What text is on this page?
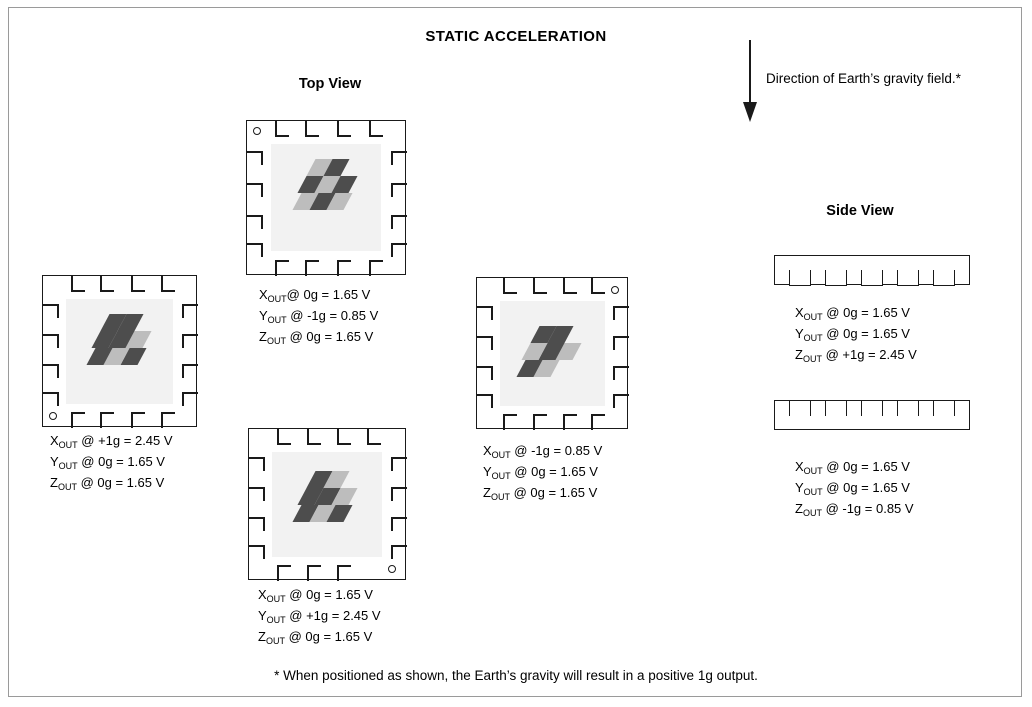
STATIC ACCELERATION
Top View
Side View
Direction of Earth’s gravity field.*
$X_{OUT}@$ 0g = 1.65 V
$Y_{OUT}$ @ -1g = 0.85 V
$Z_{OUT}$ @ 0g = 1.65 V
$X_{OUT}$ @ +1g = 2.45 V
$Y_{OUT}$ @ 0g = 1.65 V
$Z_{OUT}$ @ 0g = 1.65 V
$X_{OUT}$ @ -1g = 0.85 V
$Y_{OUT}$ @ 0g = 1.65 V
$Z_{OUT}$ @ 0g = 1.65 V
$X_{OUT}$ @ 0g = 1.65 V
$Y_{OUT}$ @ +1g = 2.45 V
$Z_{OUT}$ @ 0g = 1.65 V
$X_{OUT}$ @ 0g = 1.65 V
$Y_{OUT}$ @ 0g = 1.65 V
$Z_{OUT}$ @ +1g = 2.45 V
$X_{OUT}$ @ 0g = 1.65 V
$Y_{OUT}$ @ 0g = 1.65 V
$Z_{OUT}$ @ -1g = 0.85 V
* When positioned as shown, the Earth’s gravity will result in a positive 1g output.
